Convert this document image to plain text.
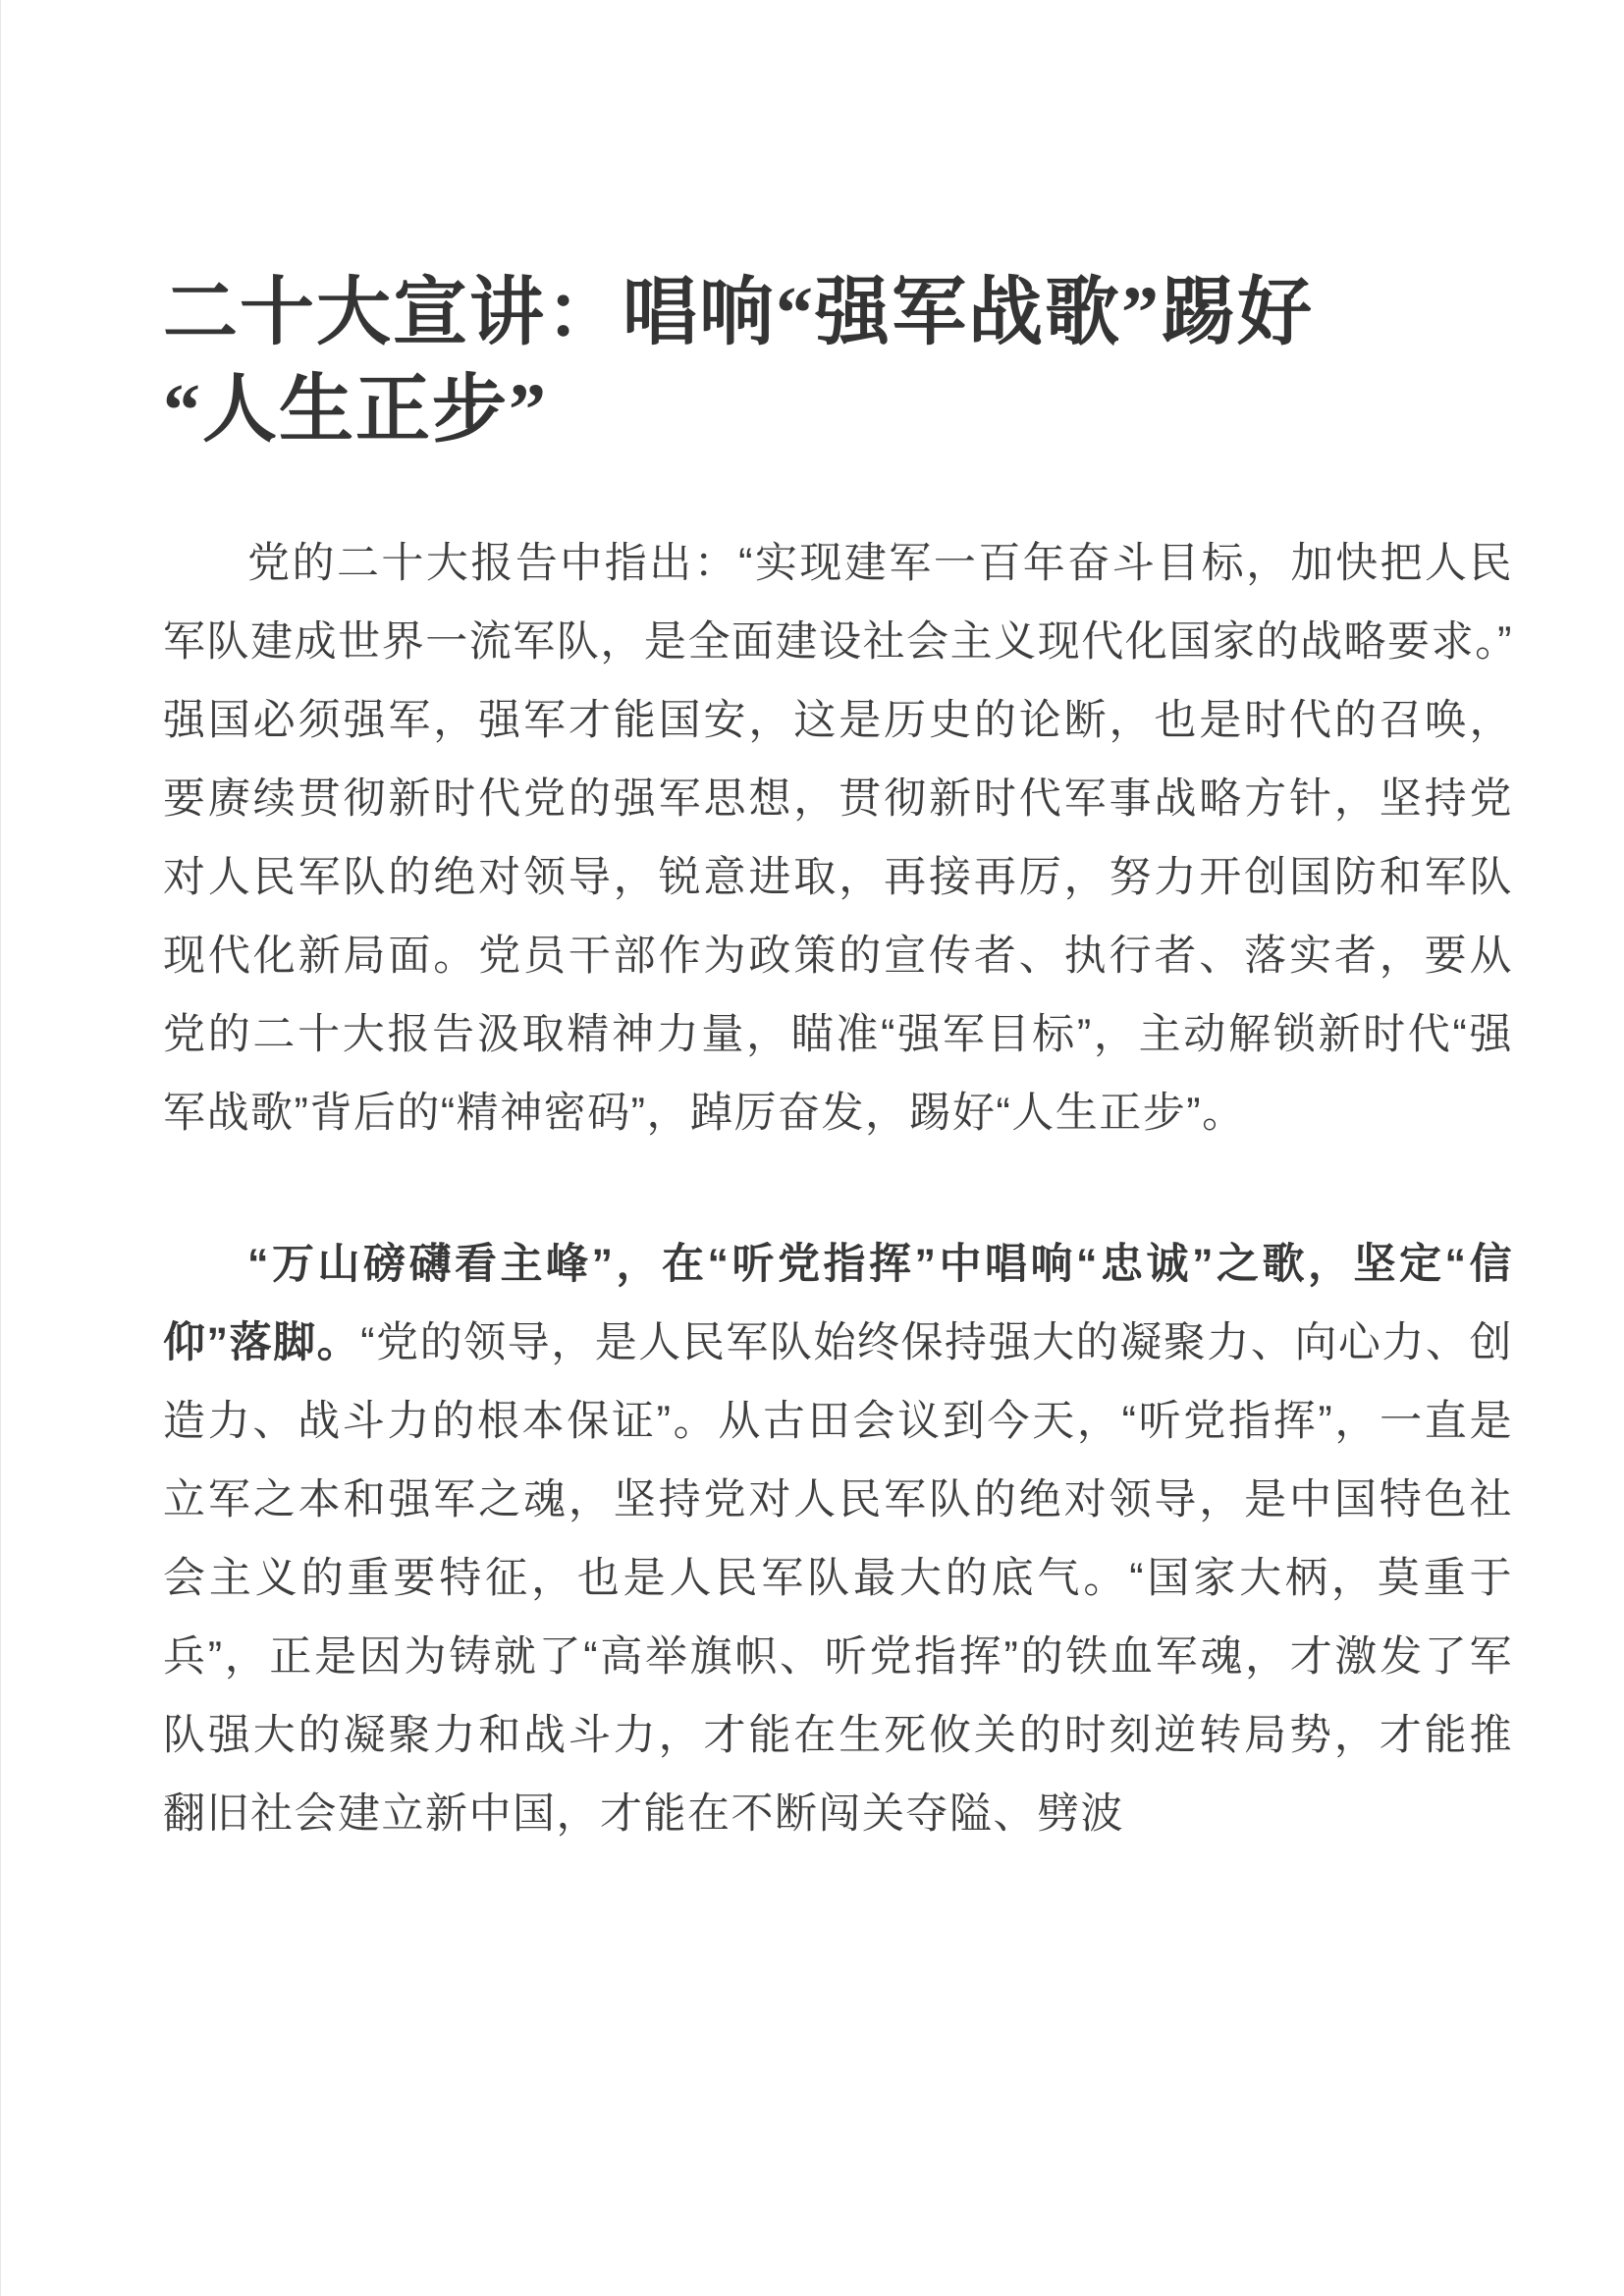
二十大宣讲：唱响“强军战歌”踢好“人生正步”

党的二十大报告中指出：“实现建军一百年奋斗目标，加快把人民军队建成世界一流军队，是全面建设社会主义现代化国家的战略要求。”强国必须强军，强军才能国安，这是历史的论断，也是时代的召唤，要赓续贯彻新时代党的强军思想，贯彻新时代军事战略方针，坚持党对人民军队的绝对领导，锐意进取，再接再厉，努力开创国防和军队现代化新局面。党员干部作为政策的宣传者、执行者、落实者，要从党的二十大报告汲取精神力量，瞄准“强军目标”，主动解锁新时代“强军战歌”背后的“精神密码”，踔厉奋发，踢好“人生正步”。

“万山磅礴看主峰”，在“听党指挥”中唱响“忠诚”之歌，坚定“信仰”落脚。“党的领导，是人民军队始终保持强大的凝聚力、向心力、创造力、战斗力的根本保证”。从古田会议到今天，“听党指挥”，一直是立军之本和强军之魂，坚持党对人民军队的绝对领导，是中国特色社会主义的重要特征，也是人民军队最大的底气。“国家大柄，莫重于兵”，正是因为铸就了“高举旗帜、听党指挥”的铁血军魂，才激发了军队强大的凝聚力和战斗力，才能在生死攸关的时刻逆转局势，才能推翻旧社会建立新中国，才能在不断闯关夺隘、劈波
